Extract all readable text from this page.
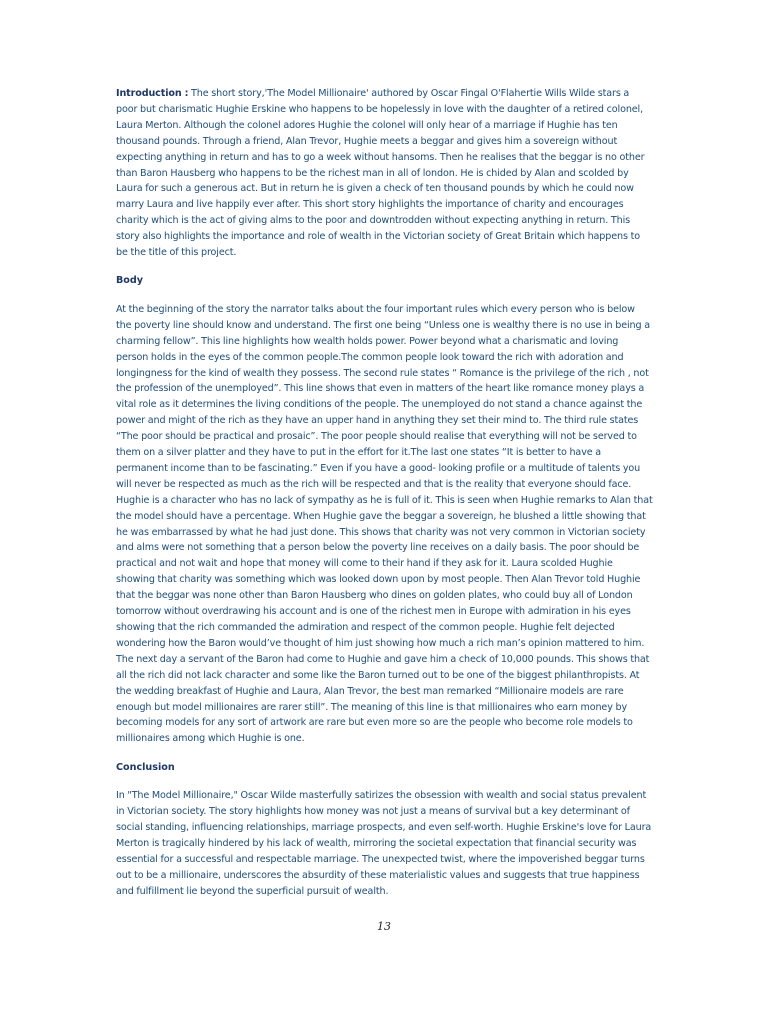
Introduction : The short story,'The Model Millionaire' authored by Oscar Fingal O'Flahertie Wills Wilde stars a poor but charismatic Hughie Erskine who happens to be hopelessly in love with the daughter of a retired colonel, Laura Merton. Although the colonel adores Hughie the colonel will only hear of a marriage if Hughie has ten thousand pounds. Through a friend, Alan Trevor, Hughie meets a beggar and gives him a sovereign without expecting anything in return and has to go a week without hansoms. Then he realises that the beggar is no other than Baron Hausberg who happens to be the richest man in all of london. He is chided by Alan and scolded by Laura for such a generous act. But in return he is given a check of ten thousand pounds by which he could now marry Laura and live happily ever after. This short story highlights the importance of charity and encourages charity which is the act of giving alms to the poor and downtrodden without expecting anything in return. This story also highlights the importance and role of wealth in the Victorian society of Great Britain which happens to be the title of this project.

Body

At the beginning of the story the narrator talks about the four important rules which every person who is below the poverty line should know and understand. The first one being “Unless one is wealthy there is no use in being a charming fellow”. This line highlights how wealth holds power. Power beyond what a charismatic and loving person holds in the eyes of the common people.The common people look toward the rich with adoration and longingness for the kind of wealth they possess. The second rule states “ Romance is the privilege of the rich , not the profession of the unemployed”. This line shows that even in matters of the heart like romance money plays a vital role as it determines the living conditions of the people. The unemployed do not stand a chance against the power and might of the rich as they have an upper hand in anything they set their mind to. The third rule states “The poor should be practical and prosaic”. The poor people should realise that everything will not be served to them on a silver platter and they have to put in the effort for it.The last one states “It is better to have a permanent income than to be fascinating.” Even if you have a good- looking profile or a multitude of talents you will never be respected as much as the rich will be respected and that is the reality that everyone should face. Hughie is a character who has no lack of sympathy as he is full of it. This is seen when Hughie remarks to Alan that the model should have a percentage. When Hughie gave the beggar a sovereign, he blushed a little showing that he was embarrassed by what he had just done. This shows that charity was not very common in Victorian society and alms were not something that a person below the poverty line receives on a daily basis. The poor should be practical and not wait and hope that money will come to their hand if they ask for it. Laura scolded Hughie showing that charity was something which was looked down upon by most people. Then Alan Trevor told Hughie that the beggar was none other than Baron Hausberg who dines on golden plates, who could buy all of London tomorrow without overdrawing his account and is one of the richest men in Europe with admiration in his eyes showing that the rich commanded the admiration and respect of the common people. Hughie felt dejected wondering how the Baron would’ve thought of him just showing how much a rich man’s opinion mattered to him. The next day a servant of the Baron had come to Hughie and gave him a check of 10,000 pounds. This shows that all the rich did not lack character and some like the Baron turned out to be one of the biggest philanthropists. At the wedding breakfast of Hughie and Laura, Alan Trevor, the best man remarked “Millionaire models are rare enough but model millionaires are rarer still”. The meaning of this line is that millionaires who earn money by becoming models for any sort of artwork are rare but even more so are the people who become role models to millionaires among which Hughie is one.

Conclusion

In "The Model Millionaire," Oscar Wilde masterfully satirizes the obsession with wealth and social status prevalent in Victorian society. The story highlights how money was not just a means of survival but a key determinant of social standing, influencing relationships, marriage prospects, and even self-worth. Hughie Erskine's love for Laura Merton is tragically hindered by his lack of wealth, mirroring the societal expectation that financial security was essential for a successful and respectable marriage. The unexpected twist, where the impoverished beggar turns out to be a millionaire, underscores the absurdity of these materialistic values and suggests that true happiness and fulfillment lie beyond the superficial pursuit of wealth.

13
